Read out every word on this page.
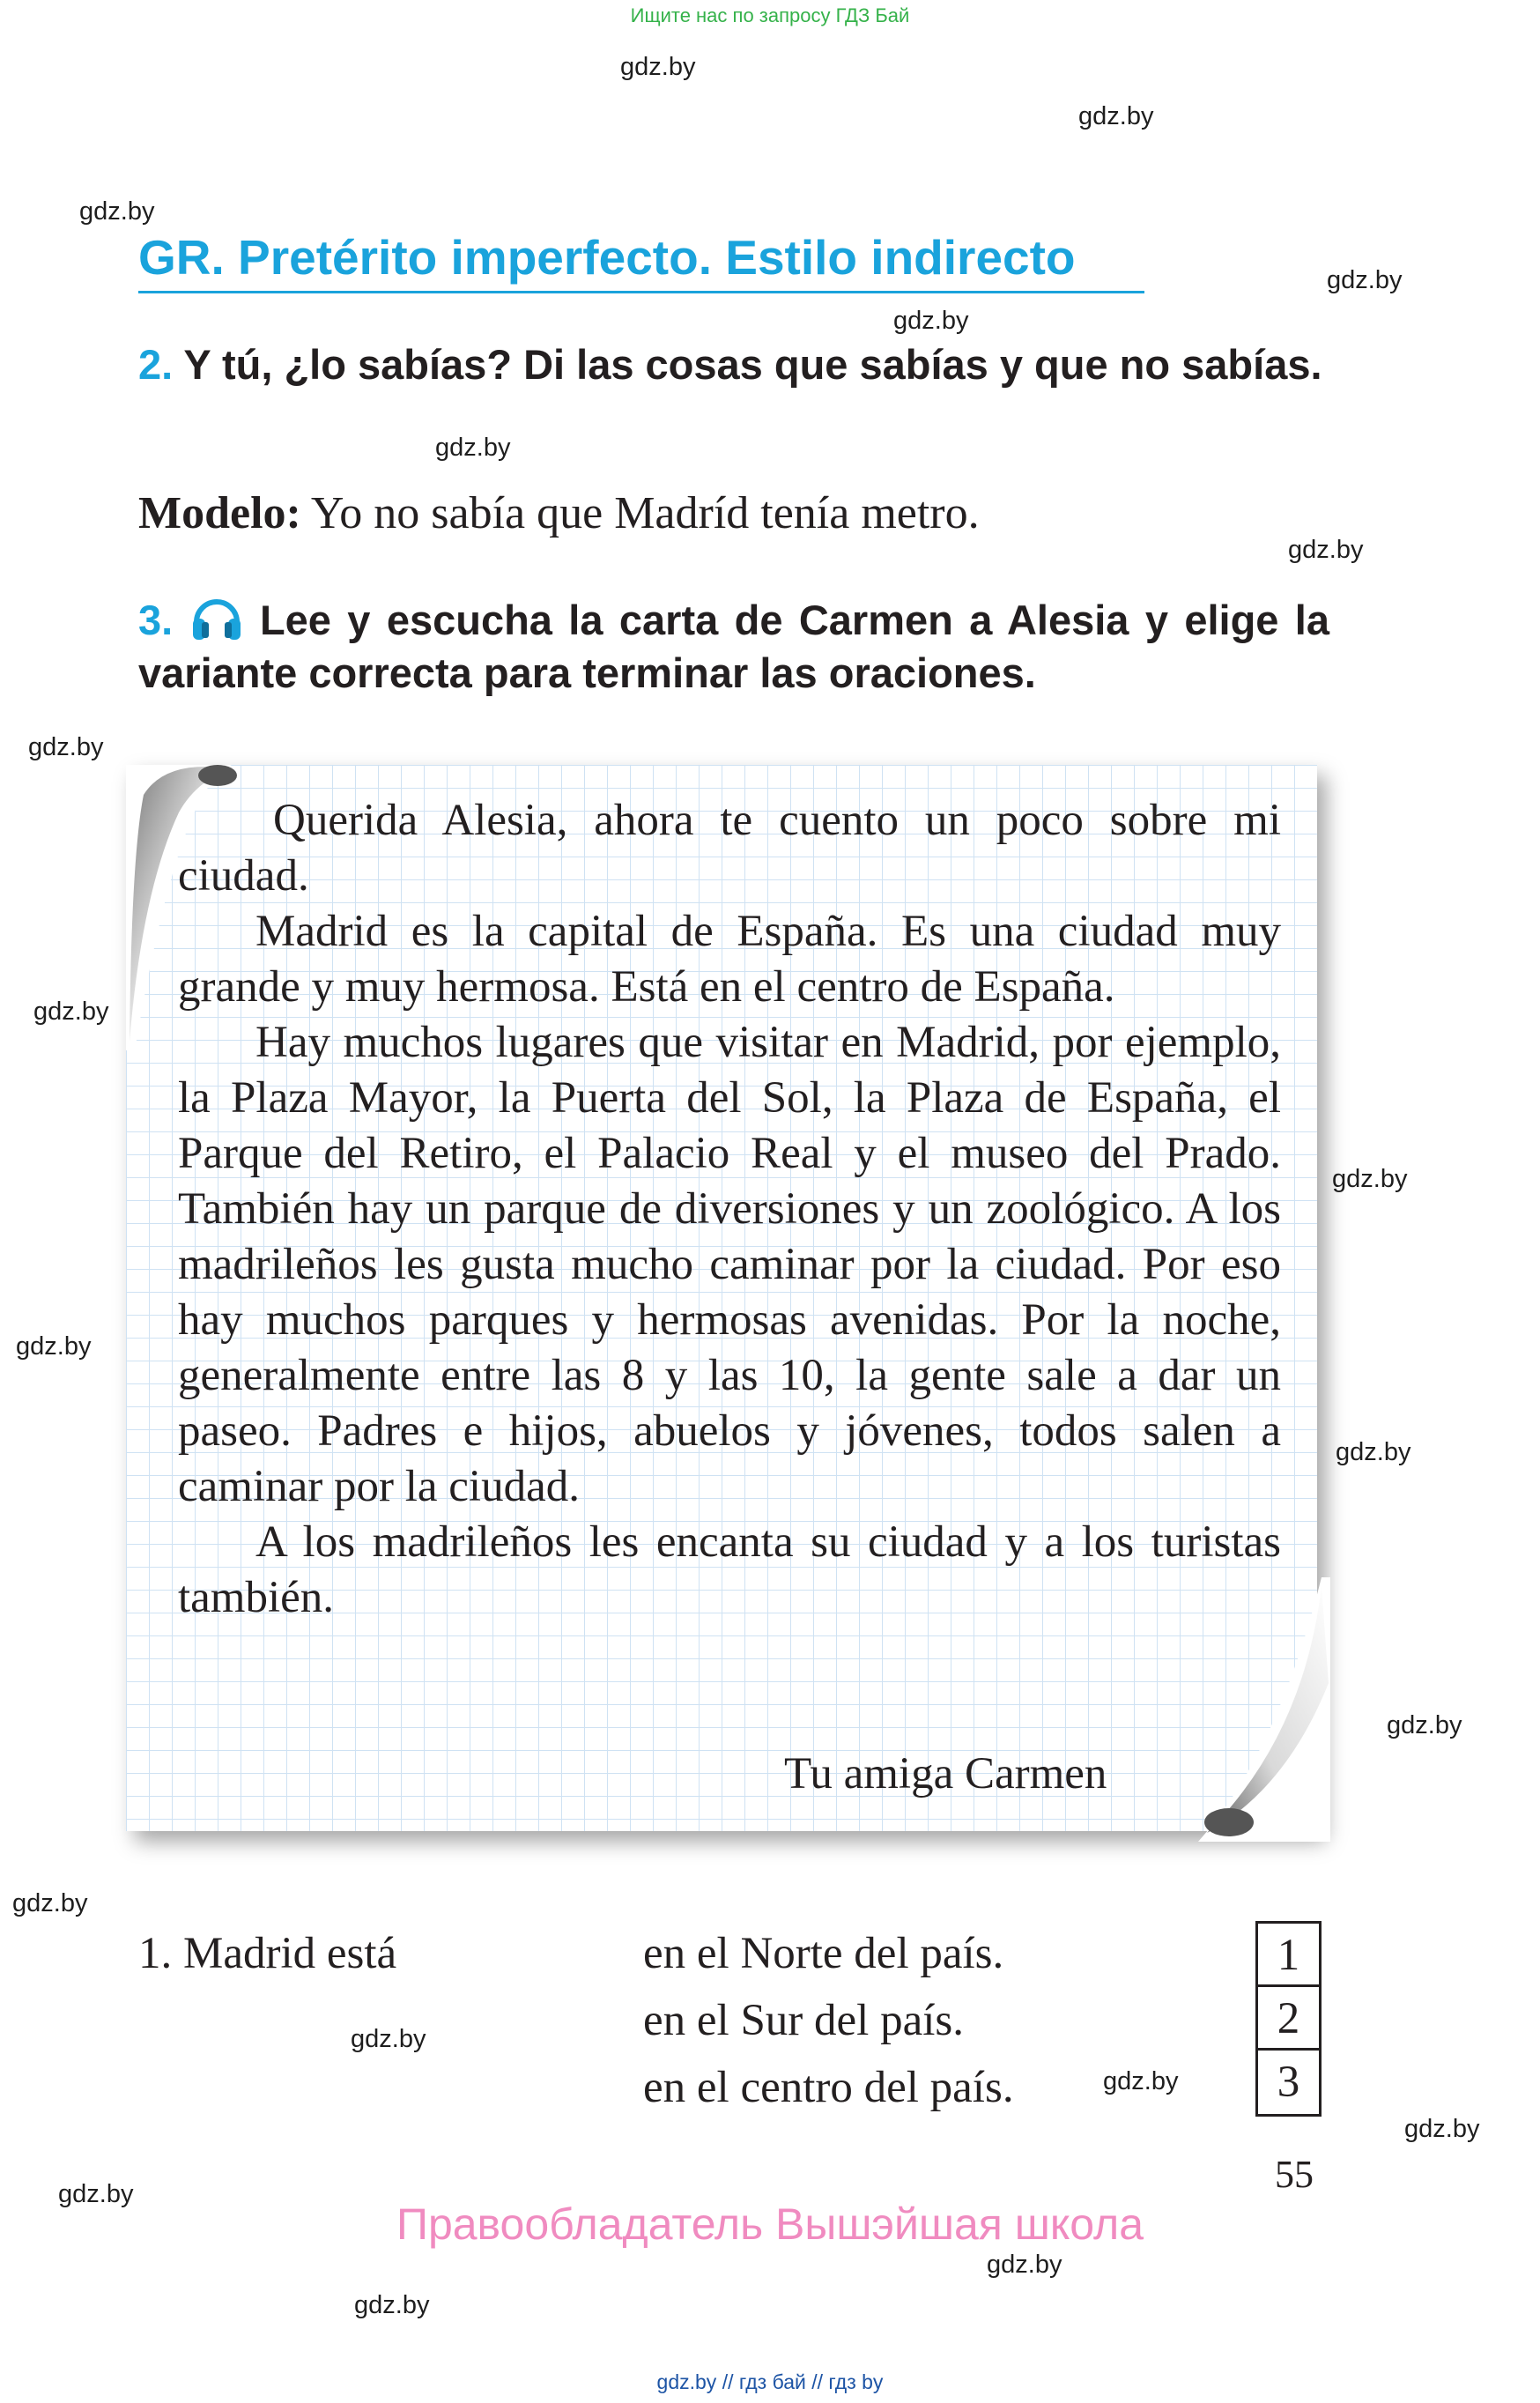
Ищите нас по запросу ГДЗ Бай
gdz.by
gdz.by
gdz.by
gdz.by
gdz.by
gdz.by
gdz.by
gdz.by
gdz.by
gdz.by
gdz.by
gdz.by
gdz.by
gdz.by
gdz.by
gdz.by
gdz.by
gdz.by
gdz.by
gdz.by
GR. Pretérito imperfecto. Estilo indirecto
2. Y tú, ¿lo sabías? Di las cosas que sabías y que no sabías.
Modelo: Yo no sabía que Madríd tenía metro.
3. Lee y escucha la carta de Carmen a Alesia y elige la variante correcta para terminar las oraciones.

Querida Alesia, ahora te cuento un poco sobre mi ciudad.

Madrid es la capital de España. Es una ciudad muy grande y muy hermosa. Está en el centro de España.

Hay muchos lugares que visitar en Madrid, por ejemplo, la Plaza Mayor, la Puerta del Sol, la Plaza de España, el Parque del Retiro, el Palacio Real y el museo del Prado. También hay un parque de diversiones y un zoológico. A los madrileños les gusta mucho caminar por la ciudad. Por eso hay muchos parques y hermosas avenidas. Por la noche, generalmente entre las 8 y las 10, la gente sale a dar un paseo. Padres e hijos, abuelos y jóvenes, todos salen a caminar por la ciudad.

A los madrileños les encanta su ciudad y a los turistas también.

Tu amiga Carmen
1. Madrid está	en el Norte del país.
en el Sur del país.
en el centro del país.
1
2
3
55
Правообладатель Вышэйшая школа
gdz.by // гдз бай // гдз by
